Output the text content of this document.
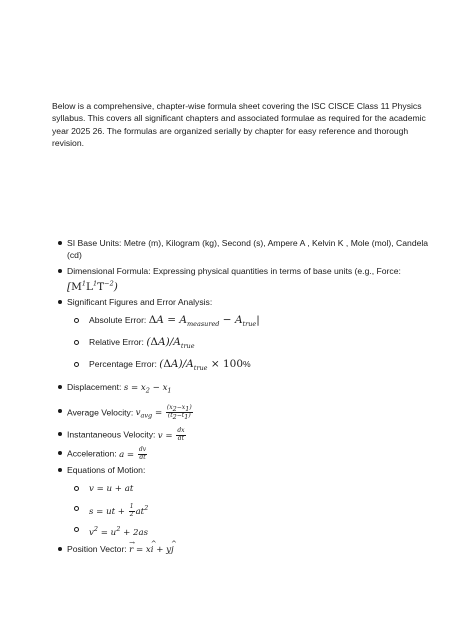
Below is a comprehensive, chapter-wise formula sheet covering the ISC CISCE Class 11 Physics syllabus. This covers all significant chapters and associated formulae as required for the academic year 2025 26. The formulas are organized serially by chapter for easy reference and thorough revision.

SI Base Units: Metre (m), Kilogram (kg), Second (s), Ampere A , Kelvin K , Mole (mol), Candela (cd)
Dimensional Formula: Expressing physical quantities in terms of base units (e.g., Force:
$[M^1L^1T^{-2})$
Significant Figures and Error Analysis:
Absolute Error: $\Delta A = A_{measured} - A_{true}|$
Relative Error: $(\Delta A)/A_{true}$
Percentage Error: $(\Delta A)/A_{true} \times 100\%$
Displacement: $s = x_2 - x_1$
Average Velocity: $v_{avg} = \frac{(x_2-x_1)}{(t_2-t_1)}$
Instantaneous Velocity: $v = \frac{dx}{dt}$
Acceleration: $a = \frac{dv}{dt}$
Equations of Motion:
v = u + at
s = ut + $\frac{1}{2} at^2$
$v^2 = u^2 + 2as$
Position Vector: → r = x^ i + y^ j
